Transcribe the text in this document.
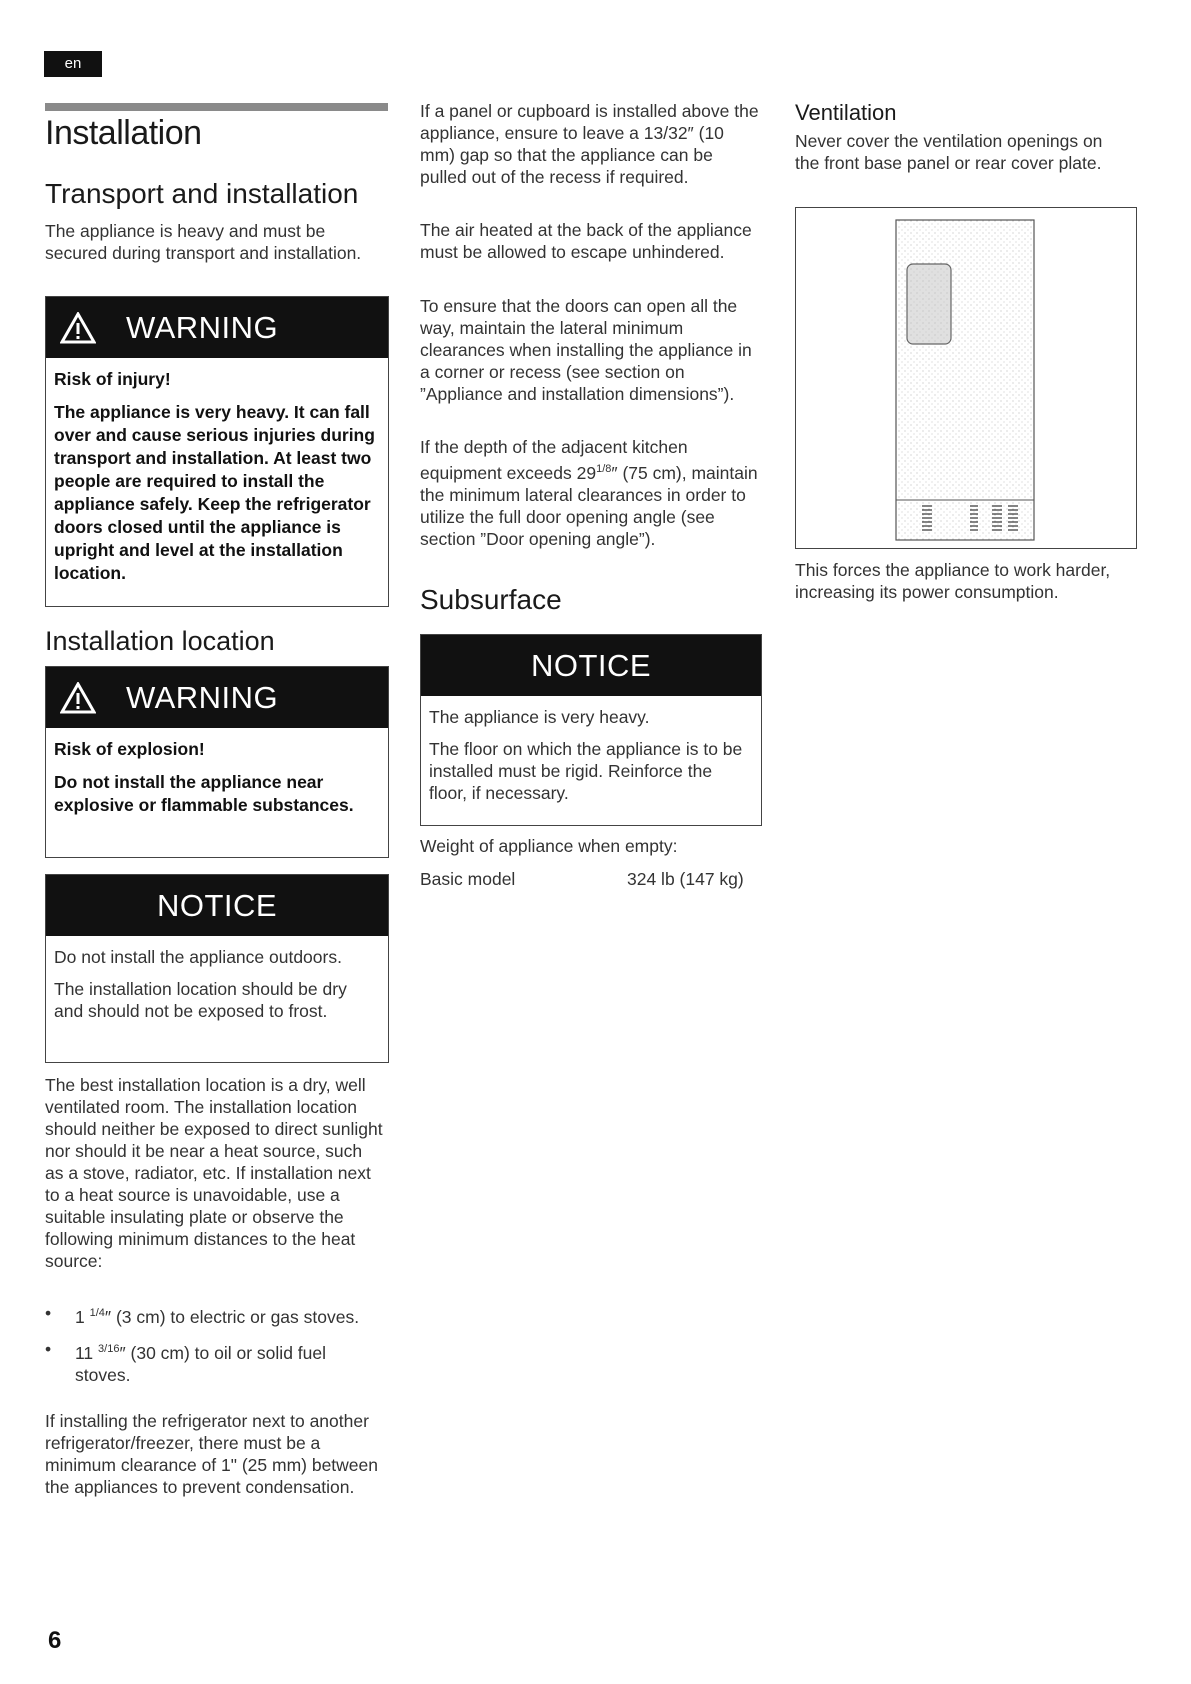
en
Installation
Transport and installation

The appliance is heavy and must be secured during transport and installation.

WARNING

Risk of injury!

The appliance is very heavy. It can fall over and cause serious injuries during transport and installation. At least two people are required to install the appliance safely. Keep the refrigerator doors closed until the appliance is upright and level at the installation location.

Installation location
WARNING

Risk of explosion!

Do not install the appliance near explosive or flammable substances.

NOTICE

Do not install the appliance outdoors.

The installation location should be dry and should not be exposed to frost.

The best installation location is a dry, well ventilated room. The installation location should neither be exposed to direct sunlight nor should it be near a heat source, such as a stove, radiator, etc. If installation next to a heat source is unavoidable, use a suitable insulating plate or observe the following minimum distances to the heat source:

• 1 $^{1/4}$″ (3 cm) to electric or gas stoves.
• 11 $^{3/16}$″ (30 cm) to oil or solid fuel stoves.

If installing the refrigerator next to another refrigerator/freezer, there must be a minimum clearance of 1" (25 mm) between the appliances to prevent condensation.

6

If a panel or cupboard is installed above the appliance, ensure to leave a 13/32″ (10 mm) gap so that the appliance can be pulled out of the recess if required.

The air heated at the back of the appliance must be allowed to escape unhindered.

To ensure that the doors can open all the way, maintain the lateral minimum clearances when installing the appliance in a corner or recess (see section on ”Appliance and installation dimensions”).

If the depth of the adjacent kitchen equipment exceeds $29^{1/8}''$ (75 cm), maintain the minimum lateral clearances in order to utilize the full door opening angle (see section ”Door opening angle”).

Subsurface
NOTICE

The appliance is very heavy.

The floor on which the appliance is to be installed must be rigid. Reinforce the floor, if necessary.

Weight of appliance when empty:

Basic model	324 lb (147 kg)
Ventilation

Never cover the ventilation openings on the front base panel or rear cover plate.

This forces the appliance to work harder, increasing its power consumption.
